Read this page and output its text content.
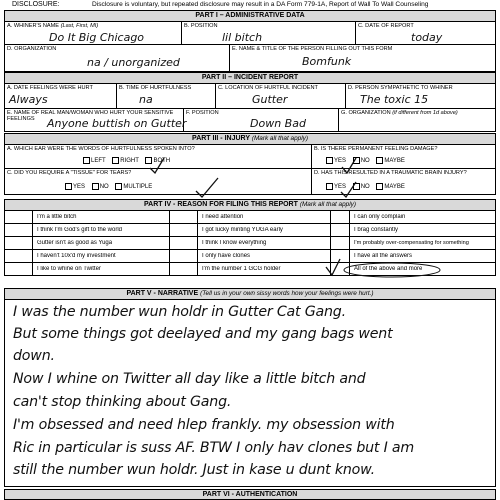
DISCLOSURE:	Disclosure is voluntary, but repeated disclosure may result in a DA Form 779-1A, Report of Wall To Wall Counseling
PART I – ADMINISTRATIVE DATA
A. WHINER'S NAME (Last, First, MI)
Do It Big Chicago
B. POSITION
lil bitch
C. DATE OF REPORT
today
D. ORGANIZATION
na / unorganized
E. NAME & TITLE OF THE PERSON FILLING OUT THIS FORM
Bomfunk
PART II – INCIDENT REPORT
A. DATE FEELINGS WERE HURT
Always
B. TIME OF HURTFULNESS
na
C. LOCATION OF HURTFUL INCIDENT
Gutter
D. PERSON SYMPATHETIC TO WHINER
The toxic 15
E. NAME OF REAL MAN/WOMAN WHO HURT YOUR SENSITIVE
FEELINGS Anyone buttish on Gutter
F. POSITION
Down Bad
G. ORGANIZATION (if different from 1d above)
PART III - INJURY (Mark all that apply)
A. WHICH EAR WERE THE WORDS OF HURTFULNESS SPOKEN INTO?
LEFT RIGHT BOTH
B. IS THERE PERMANENT FEELING DAMAGE?
YES NO MAYBE
C. DID YOU REQUIRE A "TISSUE" FOR TEARS?
YES NO MULTIPLE
D. HAS THIS RESULTED IN A TRAUMATIC BRAIN INJURY?
YES NO MAYBE
PART IV - REASON FOR FILING THIS REPORT (Mark all that apply)
I'm a little bitch
I think I'm God's gift to the world
Gutter isn't as good as Yuga
I haven't 10x'd my investment
I like to whine on Twitter
I need attention
I got lucky minting YUGA early
I think I know everything
I only have clones
I'm the number 1 GCG holder
I can only complain
I brag constantly
I'm probably over-compensating for something
I have all the answers
All of the above and more
PART V - NARRATIVE (Tell us in your own sissy words how your feelings were hurt.)
I was the number wun holdr in Gutter Cat Gang.
But some things got deelayed and my gang bags went
down.
Now I whine on Twitter all day like a little bitch and
can't stop thinking about Gang.
I'm obsessed and need hlep frankly. my obsession with
Ric in particular is suss AF. BTW I only hav clones but I am
still the number wun holdr. Just in kase u dunt know.
PART VI - AUTHENTICATION
